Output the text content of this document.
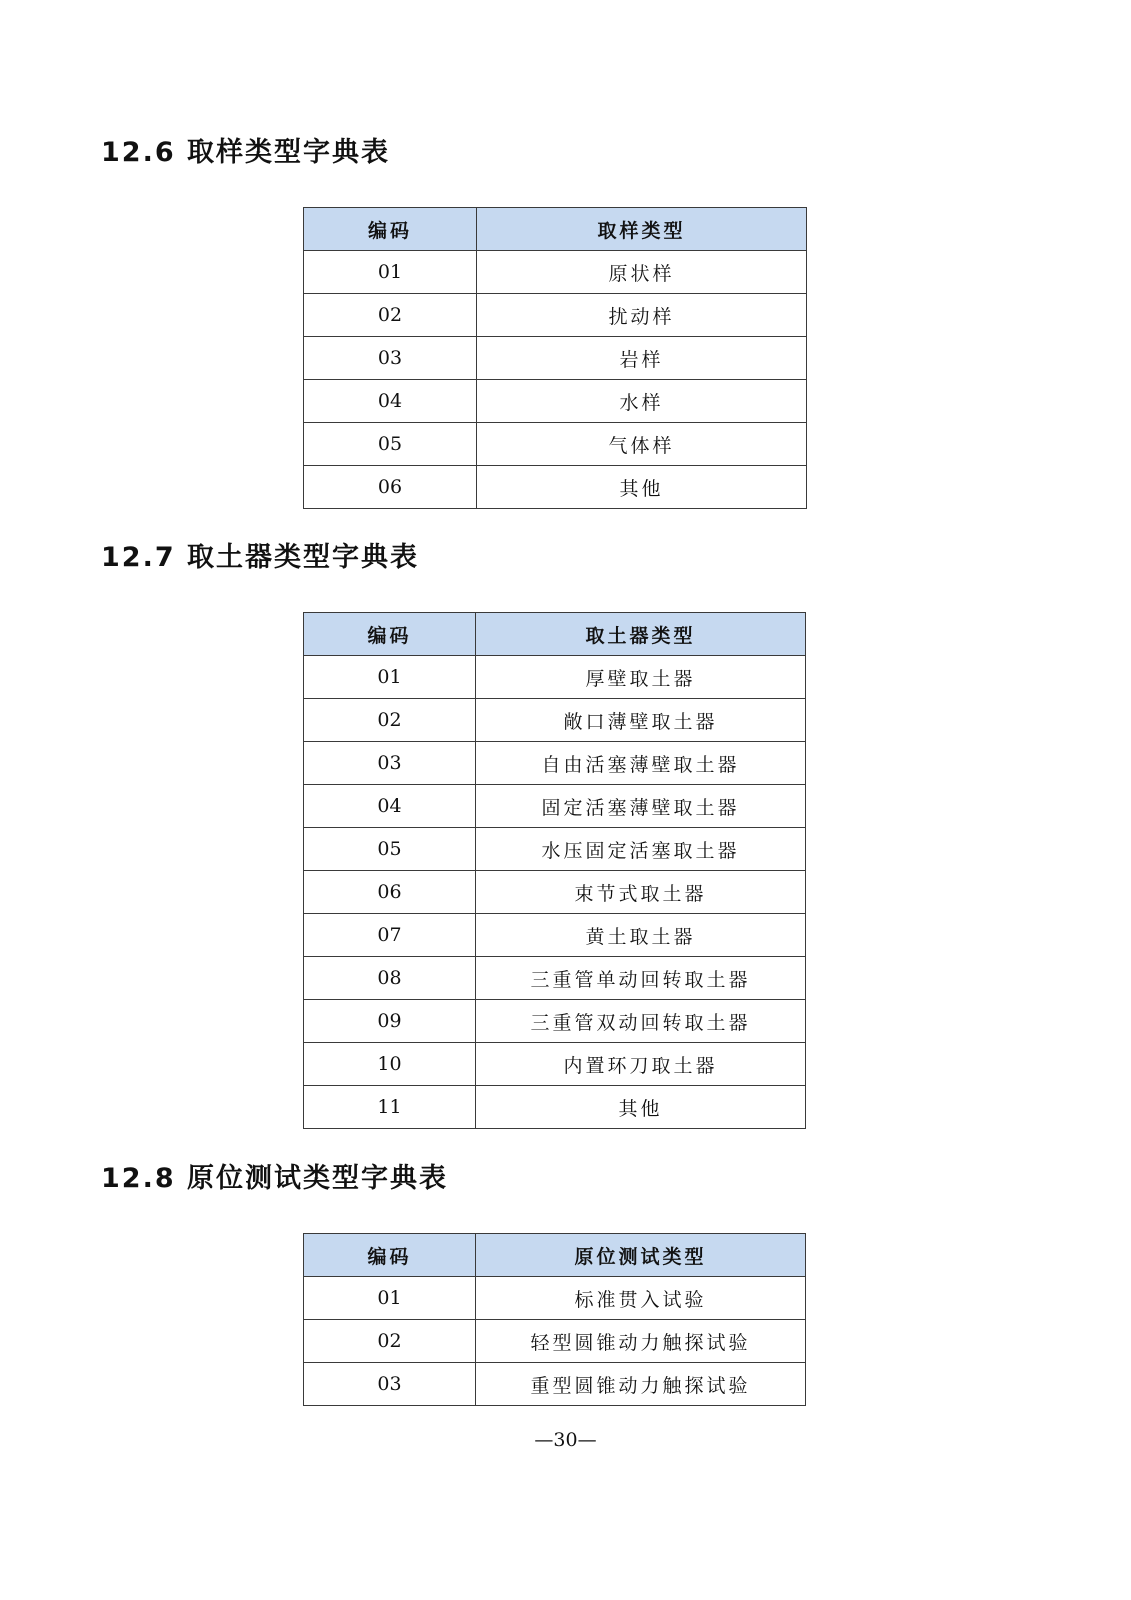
12.6 取样类型字典表
编码	取样类型
01	原状样
02	扰动样
03	岩样
04	水样
05	气体样
06	其他
12.7 取土器类型字典表
编码	取土器类型
01	厚壁取土器
02	敞口薄壁取土器
03	自由活塞薄壁取土器
04	固定活塞薄壁取土器
05	水压固定活塞取土器
06	束节式取土器
07	黄土取土器
08	三重管单动回转取土器
09	三重管双动回转取土器
10	内置环刀取土器
11	其他
12.8 原位测试类型字典表
编码	原位测试类型
01	标准贯入试验
02	轻型圆锥动力触探试验
03	重型圆锥动力触探试验
—30—
